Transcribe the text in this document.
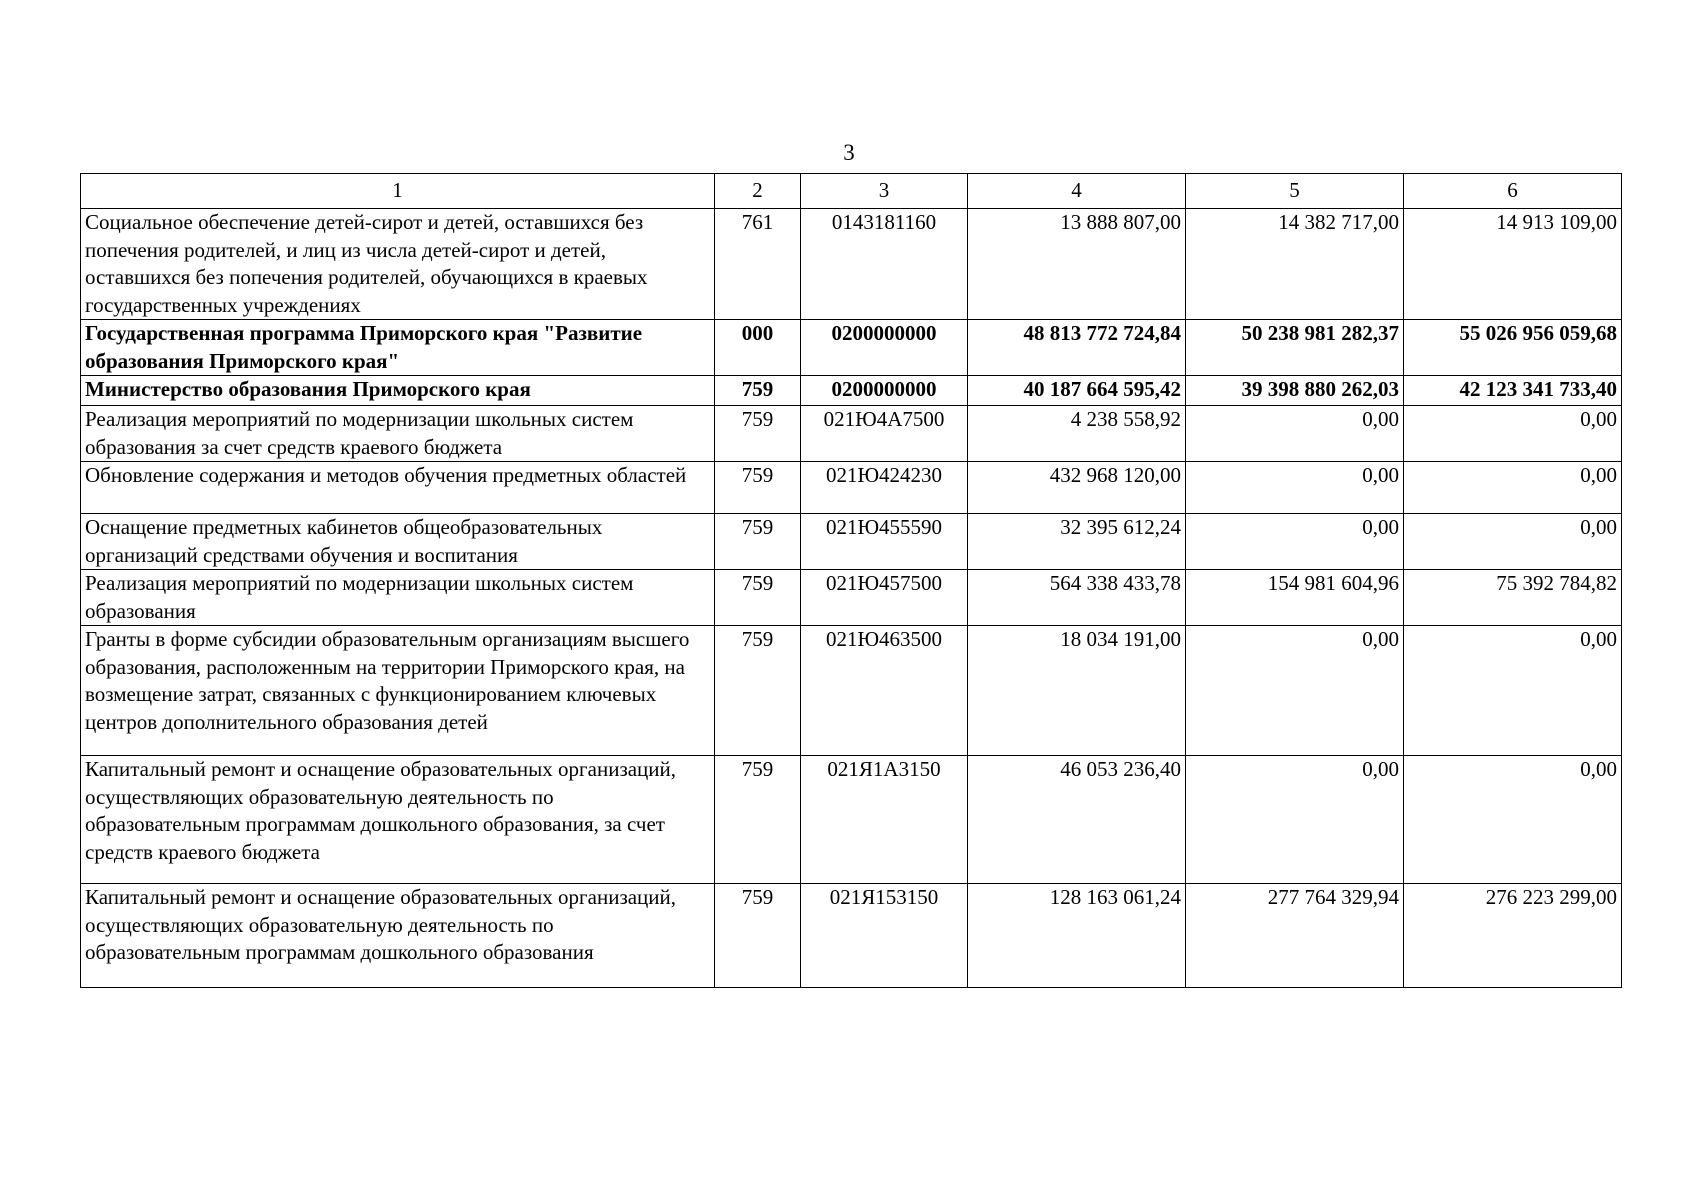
3
1	2	3	4	5	6
Социальное обеспечение детей-сирот и детей, оставшихся без попечения родителей, и лиц из числа детей-сирот и детей, оставшихся без попечения родителей, обучающихся в краевых государственных учреждениях	761	0143181160	13 888 807,00	14 382 717,00	14 913 109,00
Государственная программа Приморского края "Развитие образования Приморского края"	000	0200000000	48 813 772 724,84	50 238 981 282,37	55 026 956 059,68
Министерство образования Приморского края	759	0200000000	40 187 664 595,42	39 398 880 262,03	42 123 341 733,40
Реализация мероприятий по модернизации школьных систем образования за счет средств краевого бюджета	759	021Ю4А7500	4 238 558,92	0,00	0,00
Обновление содержания и методов обучения предметных областей	759	021Ю424230	432 968 120,00	0,00	0,00
Оснащение предметных кабинетов общеобразовательных организаций средствами обучения и воспитания	759	021Ю455590	32 395 612,24	0,00	0,00
Реализация мероприятий по модернизации школьных систем образования	759	021Ю457500	564 338 433,78	154 981 604,96	75 392 784,82
Гранты в форме субсидии образовательным организациям высшего образования, расположенным на территории Приморского края, на возмещение затрат, связанных с функционированием ключевых центров дополнительного образования детей	759	021Ю463500	18 034 191,00	0,00	0,00
Капитальный ремонт и оснащение образовательных организаций, осуществляющих образовательную деятельность по образовательным программам дошкольного образования, за счет средств краевого бюджета	759	021Я1А3150	46 053 236,40	0,00	0,00
Капитальный ремонт и оснащение образовательных организаций, осуществляющих образовательную деятельность по образовательным программам дошкольного образования	759	021Я153150	128 163 061,24	277 764 329,94	276 223 299,00
